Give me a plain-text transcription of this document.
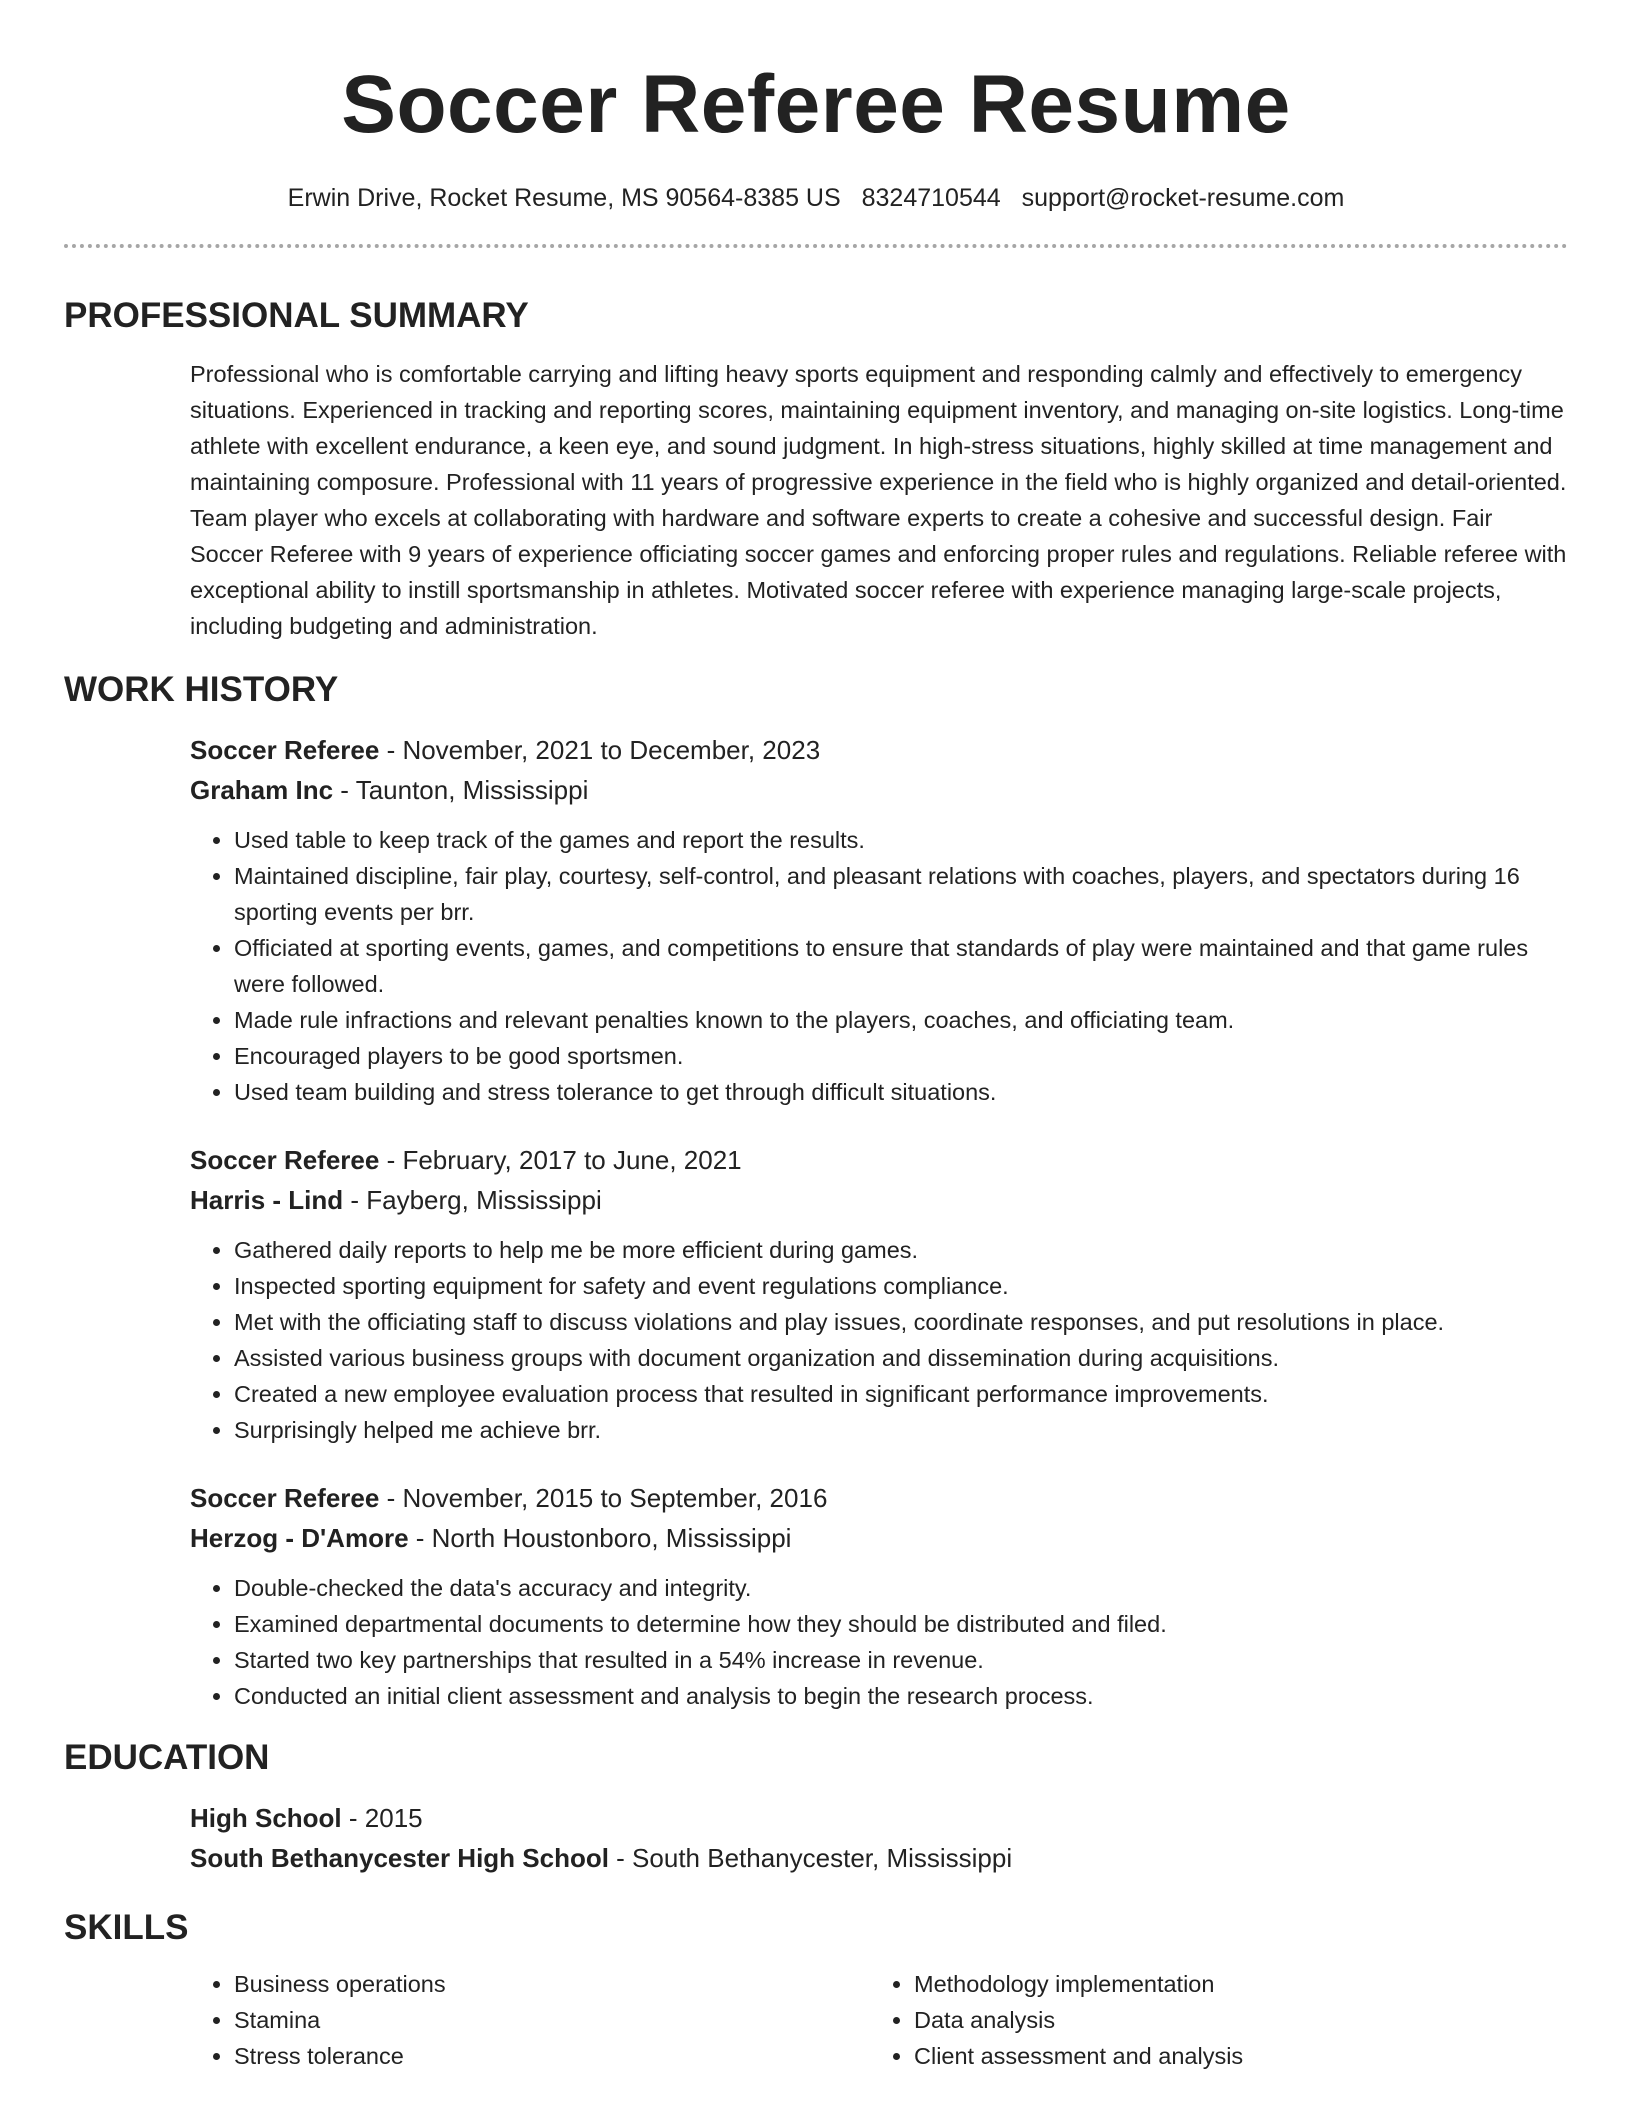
Soccer Referee Resume
Erwin Drive, Rocket Resume, MS 90564-8385 US 8324710544 support@rocket-resume.com
PROFESSIONAL SUMMARY
Professional who is comfortable carrying and lifting heavy sports equipment and responding calmly and effectively to emergency situations. Experienced in tracking and reporting scores, maintaining equipment inventory, and managing on-site logistics. Long-time athlete with excellent endurance, a keen eye, and sound judgment. In high-stress situations, highly skilled at time management and maintaining composure. Professional with 11 years of progressive experience in the field who is highly organized and detail-oriented. Team player who excels at collaborating with hardware and software experts to create a cohesive and successful design. Fair Soccer Referee with 9 years of experience officiating soccer games and enforcing proper rules and regulations. Reliable referee with exceptional ability to instill sportsmanship in athletes. Motivated soccer referee with experience managing large-scale projects, including budgeting and administration.
WORK HISTORY
Soccer Referee - November, 2021 to December, 2023
Graham Inc - Taunton, Mississippi
• Used table to keep track of the games and report the results.
• Maintained discipline, fair play, courtesy, self-control, and pleasant relations with coaches, players, and spectators during 16 sporting events per brr.
• Officiated at sporting events, games, and competitions to ensure that standards of play were maintained and that game rules were followed.
• Made rule infractions and relevant penalties known to the players, coaches, and officiating team.
• Encouraged players to be good sportsmen.
• Used team building and stress tolerance to get through difficult situations.
Soccer Referee - February, 2017 to June, 2021
Harris - Lind - Fayberg, Mississippi
• Gathered daily reports to help me be more efficient during games.
• Inspected sporting equipment for safety and event regulations compliance.
• Met with the officiating staff to discuss violations and play issues, coordinate responses, and put resolutions in place.
• Assisted various business groups with document organization and dissemination during acquisitions.
• Created a new employee evaluation process that resulted in significant performance improvements.
• Surprisingly helped me achieve brr.
Soccer Referee - November, 2015 to September, 2016
Herzog - D'Amore - North Houstonboro, Mississippi
• Double-checked the data's accuracy and integrity.
• Examined departmental documents to determine how they should be distributed and filed.
• Started two key partnerships that resulted in a 54% increase in revenue.
• Conducted an initial client assessment and analysis to begin the research process.
EDUCATION
High School - 2015
South Bethanycester High School - South Bethanycester, Mississippi
SKILLS
• Business operations
• Stamina
• Stress tolerance
• Methodology implementation
• Data analysis
• Client assessment and analysis
